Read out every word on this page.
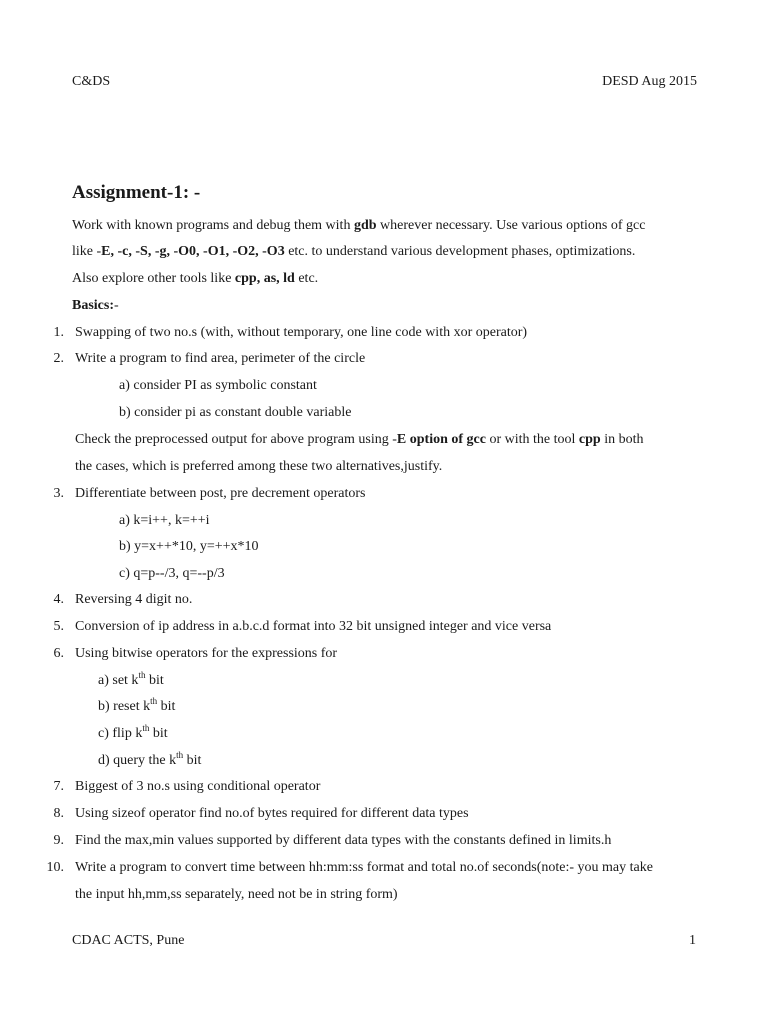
C&DS	DESD Aug 2015
Assignment-1: -
Work with known programs and debug them with gdb wherever necessary. Use various options of gcc
like -E, -c, -S, -g, -O0, -O1, -O2, -O3 etc. to understand various development phases, optimizations.
Also explore other tools like cpp, as, ld etc.
Basics:-
1. Swapping of two no.s (with, without temporary, one line code with xor operator)
2. Write a program to find area, perimeter of the circle
a) consider PI as symbolic constant
b) consider pi as constant double variable
Check the preprocessed output for above program using -E option of gcc or with the tool cpp in both
the cases, which is preferred among these two alternatives,justify.
3. Differentiate between post, pre decrement operators
a) k=i++, k=++i
b) y=x++*10, y=++x*10
c) q=p--/3, q=--p/3
4. Reversing 4 digit no.
5. Conversion of ip address in a.b.c.d format into 32 bit unsigned integer and vice versa
6. Using bitwise operators for the expressions for
a) set $k^{th}$ bit
b) reset $k^{th}$ bit
c) flip $k^{th}$ bit
d) query the $k^{th}$ bit
7. Biggest of 3 no.s using conditional operator
8. Using sizeof operator find no.of bytes required for different data types
9. Find the max,min values supported by different data types with the constants defined in limits.h
10. Write a program to convert time between hh:mm:ss format and total no.of seconds(note:- you may take
the input hh,mm,ss separately, need not be in string form)
CDAC ACTS, Pune	1
